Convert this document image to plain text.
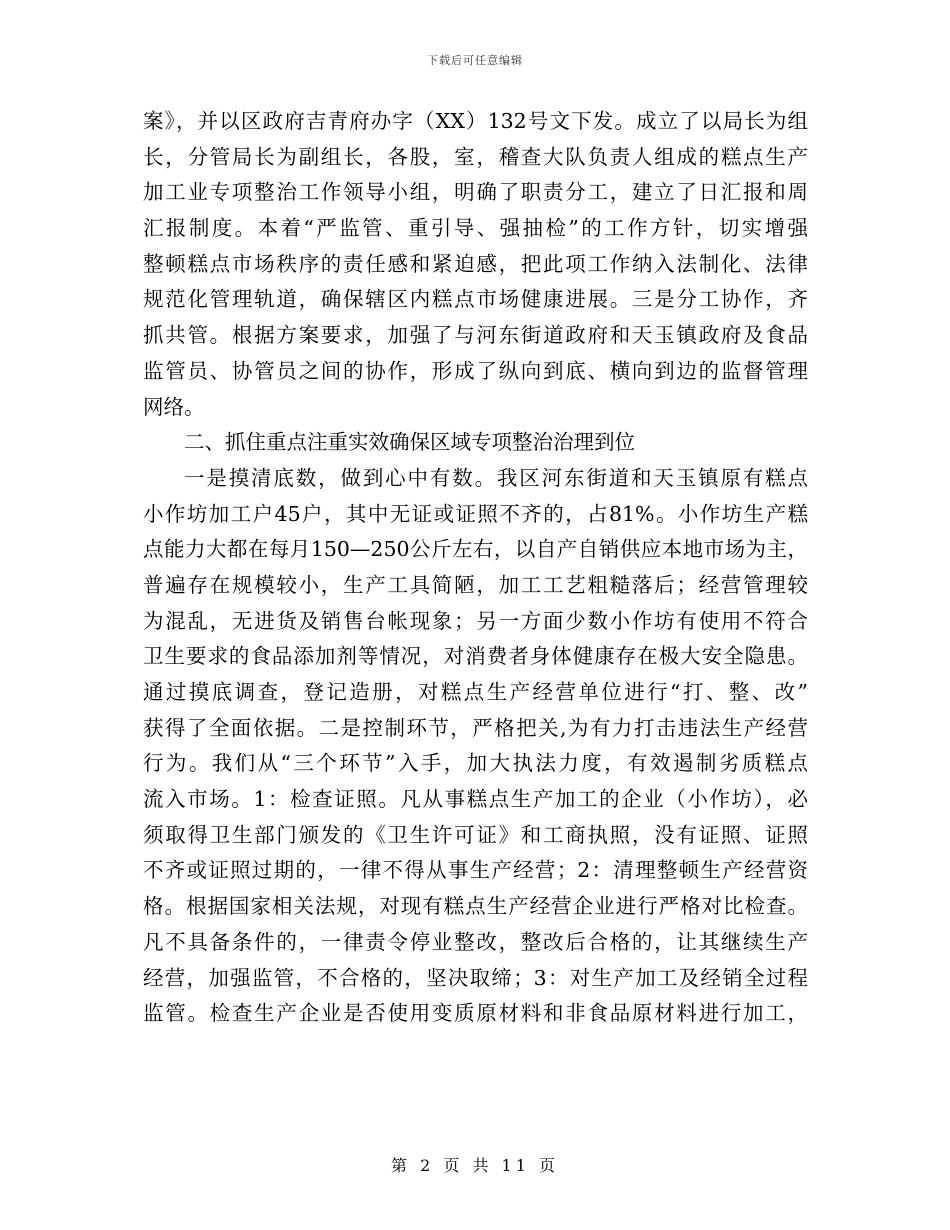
下载后可任意编辑
案》，并以区政府吉青府办字（XX）132号文下发。成立了以局长为组
长，分管局长为副组长，各股，室，稽查大队负责人组成的糕点生产
加工业专项整治工作领导小组，明确了职责分工，建立了日汇报和周
汇报制度。本着“严监管、重引导、强抽检”的工作方针，切实增强
整顿糕点市场秩序的责任感和紧迫感，把此项工作纳入法制化、法律
规范化管理轨道，确保辖区内糕点市场健康进展。三是分工协作，齐
抓共管。根据方案要求，加强了与河东街道政府和天玉镇政府及食品
监管员、协管员之间的协作，形成了纵向到底、横向到边的监督管理
网络。
二、抓住重点注重实效确保区域专项整治治理到位
一是摸清底数，做到心中有数。我区河东街道和天玉镇原有糕点
小作坊加工户45户，其中无证或证照不齐的，占81%。小作坊生产糕
点能力大都在每月150—250公斤左右，以自产自销供应本地市场为主，
普遍存在规模较小，生产工具简陋，加工工艺粗糙落后；经营管理较
为混乱，无进货及销售台帐现象；另一方面少数小作坊有使用不符合
卫生要求的食品添加剂等情况，对消费者身体健康存在极大安全隐患。
通过摸底调查，登记造册，对糕点生产经营单位进行“打、整、改”
获得了全面依据。二是控制环节，严格把关,为有力打击违法生产经营
行为。我们从“三个环节”入手，加大执法力度，有效遏制劣质糕点
流入市场。1：检查证照。凡从事糕点生产加工的企业（小作坊），必
须取得卫生部门颁发的《卫生许可证》和工商执照，没有证照、证照
不齐或证照过期的，一律不得从事生产经营；2：清理整顿生产经营资
格。根据国家相关法规，对现有糕点生产经营企业进行严格对比检查。
凡不具备条件的，一律责令停业整改，整改后合格的，让其继续生产
经营，加强监管，不合格的，坚决取缔；3：对生产加工及经销全过程
监管。检查生产企业是否使用变质原材料和非食品原材料进行加工，
第 2 页 共 11 页
